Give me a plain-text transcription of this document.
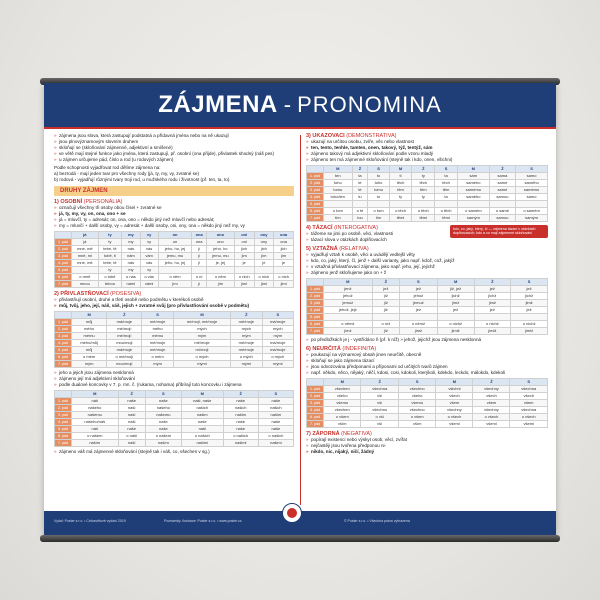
ZÁJMENA - PRONOMINA

» zájmena jsou slova, která zastupují podstatná a přídavná jména nebo na ně ukazují

» jsou plnovýznamovým slovním druhem

» skloňují se (skloňování zájmenné, adjektivní a smíšené)

» ve větě mají stejné funkce jako jména, která zastupují, př. osobní (ona přijde), přivlastek shodný (náš pes)

» u zájmen určujeme pád, číslo a rod (u rodových zájmen)

Podle schopnosti vyjadřovat rod dělíme zájmena na:

a) bezrodá - mají jeden tvar pro všechny rody (já, ty, my, vy, zvratné se)

b) rodová - vyjadřují různými tvary troji rod, u mužského rodu i životnost (př. ten, ta, to)

DRUHY ZÁJMEN
1) OSOBNÍ (PERSONÁLIA)

» označují všechny tři osoby obou čísel + zvratné se

» já, ty, my, vy, on, ona, ono + se

» já = mluvčí, ty = adresát; on, ona, ono = někdo jiný než mluvčí nebo adresát;

» my = mluvčí + další osoby, vy = adresát + další osoby, oni, ony, ona = někdo jiný než my, vy

	já	ty	my	vy	on	ona	ono	oni	ony	ona
1. pád	já	ty	my	vy	on	ona	ono	oni	ony	ona
2. pád	mne, mě	tebe, tě	nás	vás	jeho, ho, jej	jí	jeho, ho	jich	jich	jich
3. pád	mně, mi	tobě, ti	nám	vám	jemu, mu	jí	jemu, mu	jim	jim	jim
4. pád	mne, mě	tebe, tě	nás	vás	jeho, ho, jej	ji	je, jej	je	je	je
5. pád		ty	my	vy						
6. pád	o mně	o tobě	o nás	o vás	o něm	o ní	o něm	o nich	o nich	o nich
7. pád	mnou	tebou	námi	vámi	jím	jí	jím	jimi	jimi	jimi
2) PŘIVLASTŇOVACÍ (POSESIVA)

» přivlastňují osobní, druhé a třetí osobě nebo podmětu v kterékoli osobě

» můj, tvůj, jeho, její, náš, váš, jejich + zvratné svůj (pro přivlastňování osobě v podmětu)

	M	Ž	S	M	Ž	S
1. pád	můj	má/moje	mé/moje	mí/moji, mé/moje	mé/moje	má/moje
2. pád	mého	mé/mojí	mého	mých	mých	mých
3. pád	mému	mé/mojí	mému	mým	mým	mým
4. pád	mého/můj	mou/moji	mé/moje	mé/moje	mé/moje	má/moje
5. pád	můj	má/moje	mé/moje	mí/moji	mé/moje	má/moje
6. pád	o mém	o mé/mojí	o mém	o mých	o mých	o mých
7. pád	mým	mou/mojí	mým	mými	mými	mými

» jeho a jejich jsou zájmena nesklonná

» zájmeno její má adjektivní skloňování

» podle dualové koncovky v 7. p. mn. č. (rukama, nohama) přibírají tuto koncovku i zájmena

	M	Ž	S	M	Ž	S
1. pád	náš	naše	naše	naši, naše	naše	naše
2. pád	našeho	naší	našeho	našich	našich	našich
3. pád	našemu	naší	našemu	našim	našim	našim
4. pád	našeho/náš	naši	naše	naše	naše	naše
5. pád	náš	naše	naše	naši	naše	naše
6. pád	o našem	o naší	o našem	o našich	o našich	o našich
7. pád	naším	naší	naším	našimi	našimi	našimi

» zájmeno váš má zájmenné skloňování (stejně tak i váš, co, všechen v sg.)

3) UKAZOVACÍ (DEMONSTRATIVA)

» ukazují na určitou osobu, zvíře, věc nebo vlastnost

» ten, tento, tenhle, tamten, onen, takový, týž, tentýž, sám

» zájmeno takový má adjektivní skloňování podle vzoru mladý

» zájmeno ten má zájmenné skloňování (stejně tak i kdo, onen, všichni)

	M	Ž	S	M	Ž	S	M	Ž	S
1. pád	ten	ta	to	ti	ty	ta	sám	sama	samo
2. pád	toho	té	toho	těch	těch	těch	samého	samé	samého
3. pád	tomu	té	tomu	těm	těm	těm	samému	samé	samému
4. pád	toho/ten	tu	to	ty	ty	ta	samého	samou	samo
5. pád									
6. pád	o tom	o té	o tom	o těch	o těch	o těch	o samém	o samé	o samém
7. pád	tím	tou	tím	těmi	těmi	těmi	samým	samou	samým
kdo, co, jaký, který, čí — zájmena tázací v otázkách doplňovacích; kdo a co mají zájmenné skloňování
4) TÁZACÍ (INTEROGATIVA)

» tážeme se jimi po osobě, věci, vlastnosti

» tázací slova v otázkách doplňovacích

5) VZTAŽNÁ (RELATIVA)

» vyjadřují vztah k osobě, věci a uvádějí vedlejší věty

» kdo, co, jaký, který, čí, jenž + další varianty, jako např. kdož, což, jakýž

» v vztažná přivlastňovací zájmena, jako např. jeho, její, jejichž

» zájmeno jenž skloňujeme jako on + ž

	M	Ž	S	M	Ž	S
1. pád	jenž	jež	jež	již, jež	jež	jež
2. pád	jehož	jíž	jehož	jichž	jichž	jichž
3. pád	jemuž	jíž	jemuž	jimž	jimž	jimž
4. pád	jehož, jejž	již	jež	jež	jež	jež
5. pád						
6. pád	o němž	o níž	o němž	o nichž	o nichž	o nichž
7. pád	jímž	jíž	jímž	jimiž	jimiž	jimiž

» po předložkách je j - vystřídáno ň (př. k níž) » jehož, jejichž jsou zájmena nesklonná

6) NEURČITÁ (INDEFINITA)

» poukazují na významový obsah jinen neurčitě, obecně

» skloňují se jako zájmena tázací

» jsou odvozována předponami a příponami od určitých tvarů zájmen

» např. někdo, něco, nějaký, něčí, kdosi, cosi, kdokoli, kterýkoli, kdekdo, leckdo, málokdo, kdekoli

	M	Ž	S	M	Ž	S
1. pád	všechen	všechna	všechno	všichni	všechny	všechna
2. pád	všeho	vší	všeho	všech	všech	všech
3. pád	všemu	vší	všemu	všem	všem	všem
4. pád	všechen	všechnu	všechno	všechny	všechny	všechna
6. pád	o všem	o vší	o všem	o všech	o všech	o všech
7. pád	vším	vší	vším	všemi	všemi	všemi
7) ZÁPORNÁ (NEGATIVA)

» popírají existenci nebo výskyt osob, věcí, zvířat

» nejčastěji jsou tvořena předponou ni-

» nikdo, nic, nijaký, ničí, žádný

Vydal: Poster s.r.o. • Celosvětové vydání 2019	Poznámky: Ilustrace: Poster s.r.o. • www.poster.cz	© Poster s.r.o. • Všechna práva vyhrazena
